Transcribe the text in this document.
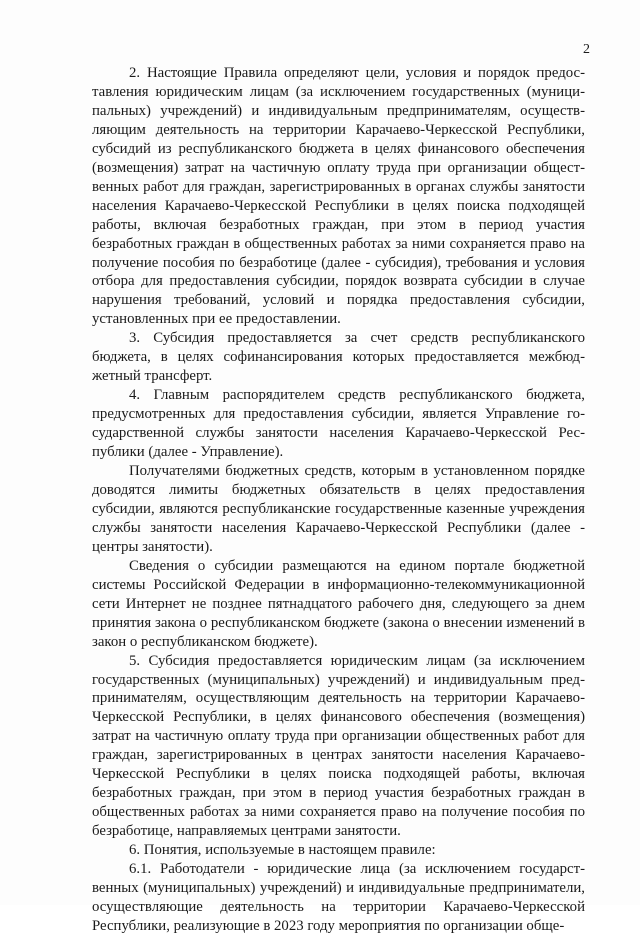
2

2. Настоящие Правила определяют цели, условия и порядок предоставления юридическим лицам (за исключением государственных (муниципальных) учреждений) и индивидуальным предпринимателям, осуществляющим деятельность на территории Карачаево-Черкесской Республики, субсидий из республиканского бюджета в целях финансового обеспечения (возмещения) затрат на частичную оплату труда при организации общественных работ для граждан, зарегистрированных в органах службы занятости населения Карачаево-Черкесской Республики в целях поиска подходящей работы, включая безработных граждан, при этом в период участия безработных граждан в общественных работах за ними сохраняется право на получение пособия по безработице (далее - субсидия), требования и условия отбора для предоставления субсидии, порядок возврата субсидии в случае нарушения требований, условий и порядка предоставления субсидии, установленных при ее предоставлении.

3. Субсидия предоставляется за счет средств республиканского бюджета, в целях софинансирования которых предоставляется межбюджетный трансферт.

4. Главным распорядителем средств республиканского бюджета, предусмотренных для предоставления субсидии, является Управление государственной службы занятости населения Карачаево-Черкесской Республики (далее - Управление).

Получателями бюджетных средств, которым в установленном порядке доводятся лимиты бюджетных обязательств в целях предоставления субсидии, являются республиканские государственные казенные учреждения службы занятости населения Карачаево-Черкесской Республики (далее - центры занятости).

Сведения о субсидии размещаются на едином портале бюджетной системы Российской Федерации в информационно-телекоммуникационной сети Интернет не позднее пятнадцатого рабочего дня, следующего за днем принятия закона о республиканском бюджете (закона о внесении изменений в закон о республиканском бюджете).

5. Субсидия предоставляется юридическим лицам (за исключением государственных (муниципальных) учреждений) и индивидуальным предпринимателям, осуществляющим деятельность на территории Карачаево-Черкесской Республики, в целях финансового обеспечения (возмещения) затрат на частичную оплату труда при организации общественных работ для граждан, зарегистрированных в центрах занятости населения Карачаево-Черкесской Республики в целях поиска подходящей работы, включая безработных граждан, при этом в период участия безработных граждан в общественных работах за ними сохраняется право на получение пособия по безработице, направляемых центрами занятости.

6. Понятия, используемые в настоящем правиле:

6.1. Работодатели - юридические лица (за исключением государственных (муниципальных) учреждений) и индивидуальные предприниматели, осуществляющие деятельность на территории Карачаево-Черкесской Республики, реализующие в 2023 году мероприятия по организации обще-
